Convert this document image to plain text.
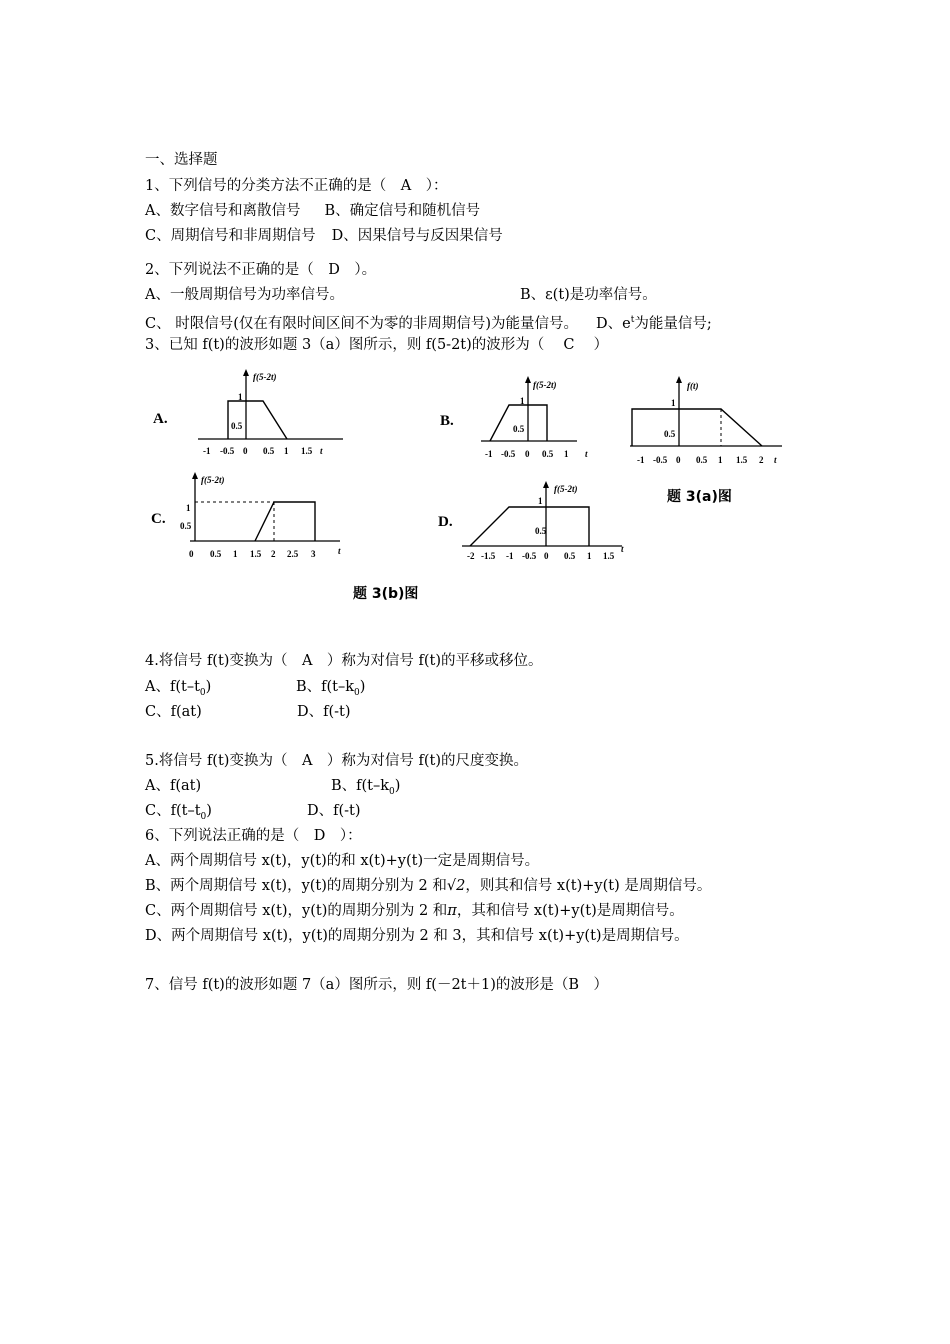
一、选择题
1、下列信号的分类方法不正确的是（　A　）：
A、数字信号和离散信号 B、确定信号和随机信号
C、周期信号和非周期信号 D、因果信号与反因果信号
2、下列说法不正确的是（　D　）。
A、一般周期信号为功率信号。	B、ε(t)是功率信号。
C、 时限信号(仅在有限时间区间不为零的非周期信号)为能量信号。 D、$e^t$为能量信号;
3、已知 f(t)的波形如题 3（a）图所示，则 f(5-2t)的波形为（　 C　 ）
A.
f(5-2t)
1
0.5
-1 -0.5 0 0.5 1 1.5 t
B.
f(5-2t)
1
0.5
-1 -0.5 0 0.5 1 t
f(t)
1
0.5
-1 -0.5 0 0.5 1 1.5 2 t
题 3(a)图
C.
f(5-2t)
1
0.5
0 0.5 1 1.5 2 2.5 3	t
题 3(b)图
D.
f(5-2t)
1
0.5
-2 -1.5 -1 -0.5 0 0.5 1 1.5
t
4.将信号 f(t)变换为（　A　）称为对信号 f(t)的平移或移位。
A、$f(t-t_0)$	B、$f(t-k_0)$
C、f(at)	D、f(-t)
5.将信号 f(t)变换为（　A　）称为对信号 f(t)的尺度变换。
A、f(at)	B、$f(t-k_0)$
C、$f(t-t_0)$	D、f(-t)
6、下列说法正确的是（　D　）：
A、两个周期信号 x(t)，y(t)的和 x(t)+y(t)一定是周期信号。
B、两个周期信号 x(t)，y(t)的周期分别为 2 和√2，则其和信号 x(t)+y(t) 是周期信号。
C、两个周期信号 x(t)，y(t)的周期分别为 2 和π，其和信号 x(t)+y(t)是周期信号。
D、两个周期信号 x(t)，y(t)的周期分别为 2 和 3，其和信号 x(t)+y(t)是周期信号。
7、信号 f(t)的波形如题 7（a）图所示，则 f(－2t＋1)的波形是（B　）
